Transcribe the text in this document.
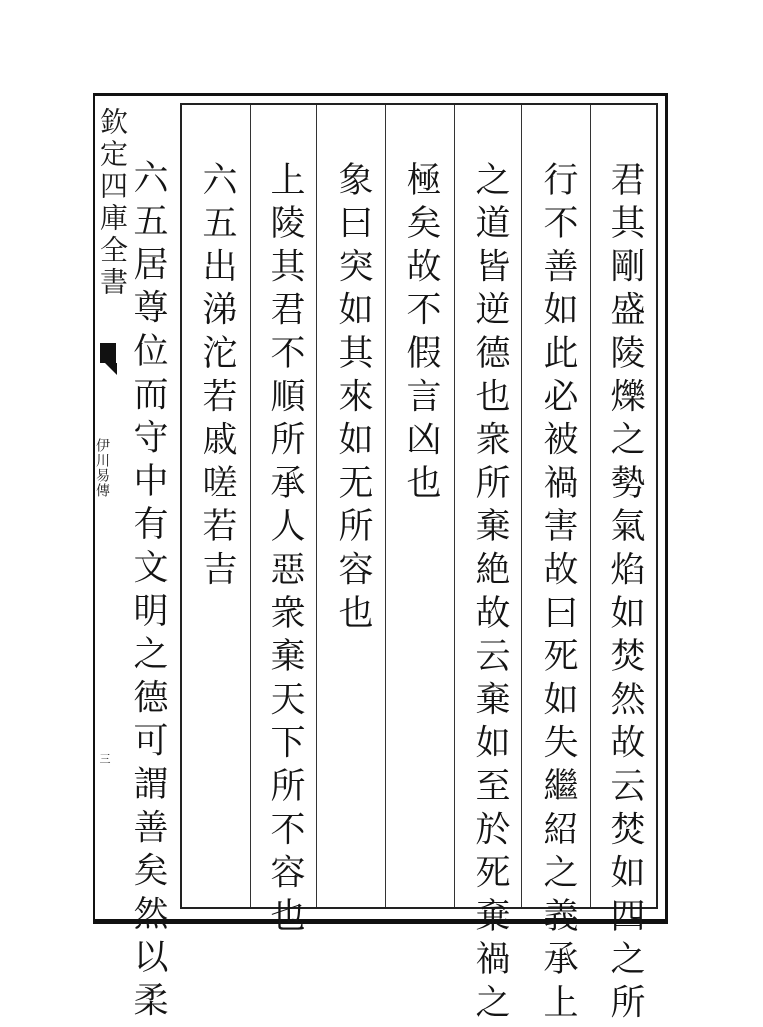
欽定四庫全書
伊川易傳
三	君其剛盛陵爍之勢氣焰如焚然故云焚如四之所
行不善如此必被禍害故曰死如失繼紹之義承上
之道皆逆德也衆所棄絶故云棄如至於死棄禍之
極矣故不假言凶也
象曰突如其來如无所容也
上陵其君不順所承人惡衆棄天下所不容也
六五出涕沱若戚嗟若吉
六五居尊位而守中有文明之德可謂善矣然以柔
